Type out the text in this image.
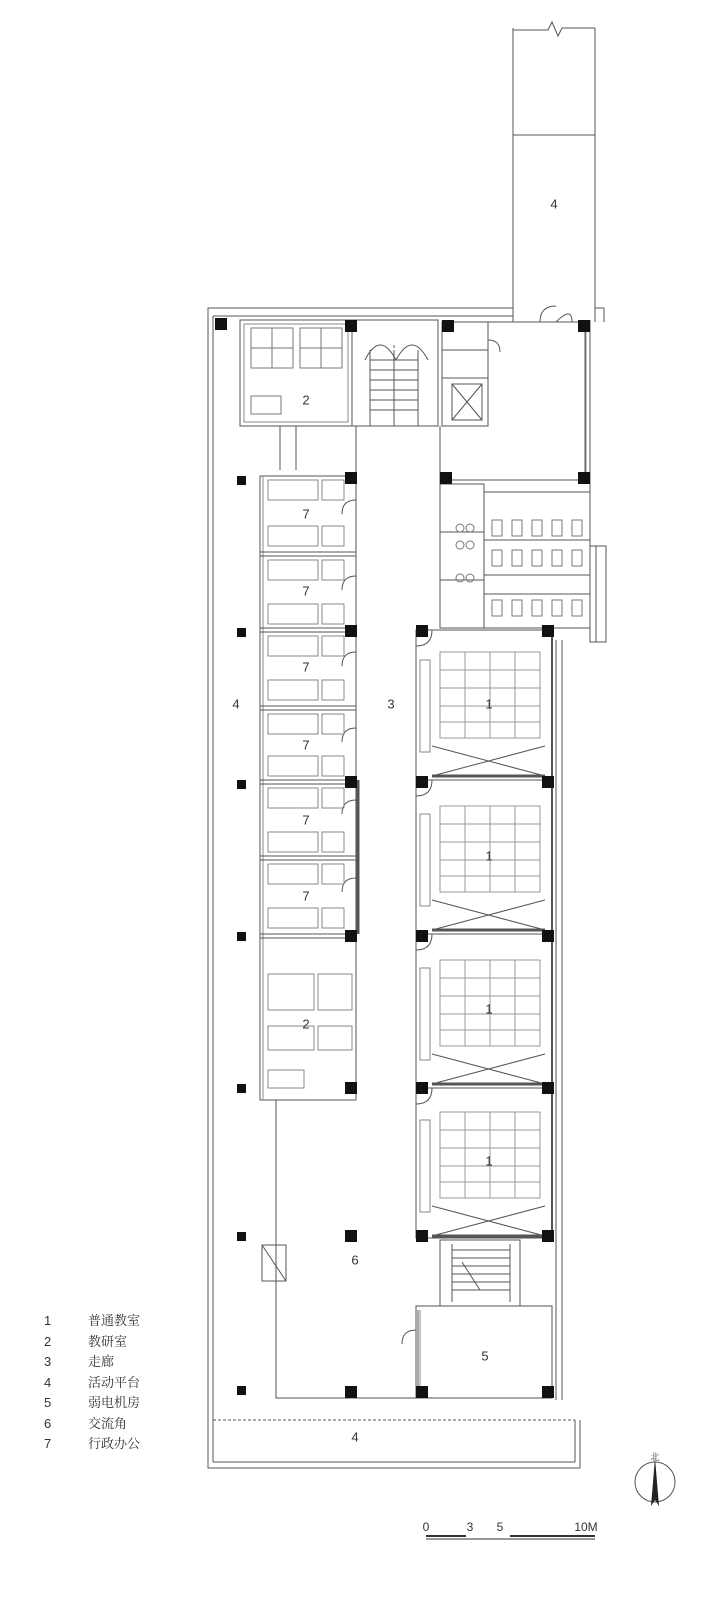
4
2
7
7
7
7
7
7
2
4	3	1
1
1
1
6
5
4
1	普通教室
2	教研室
3	走廊
4	活动平台
5	弱电机房
6	交流角
7	行政办公
北
0	3 5	10M
